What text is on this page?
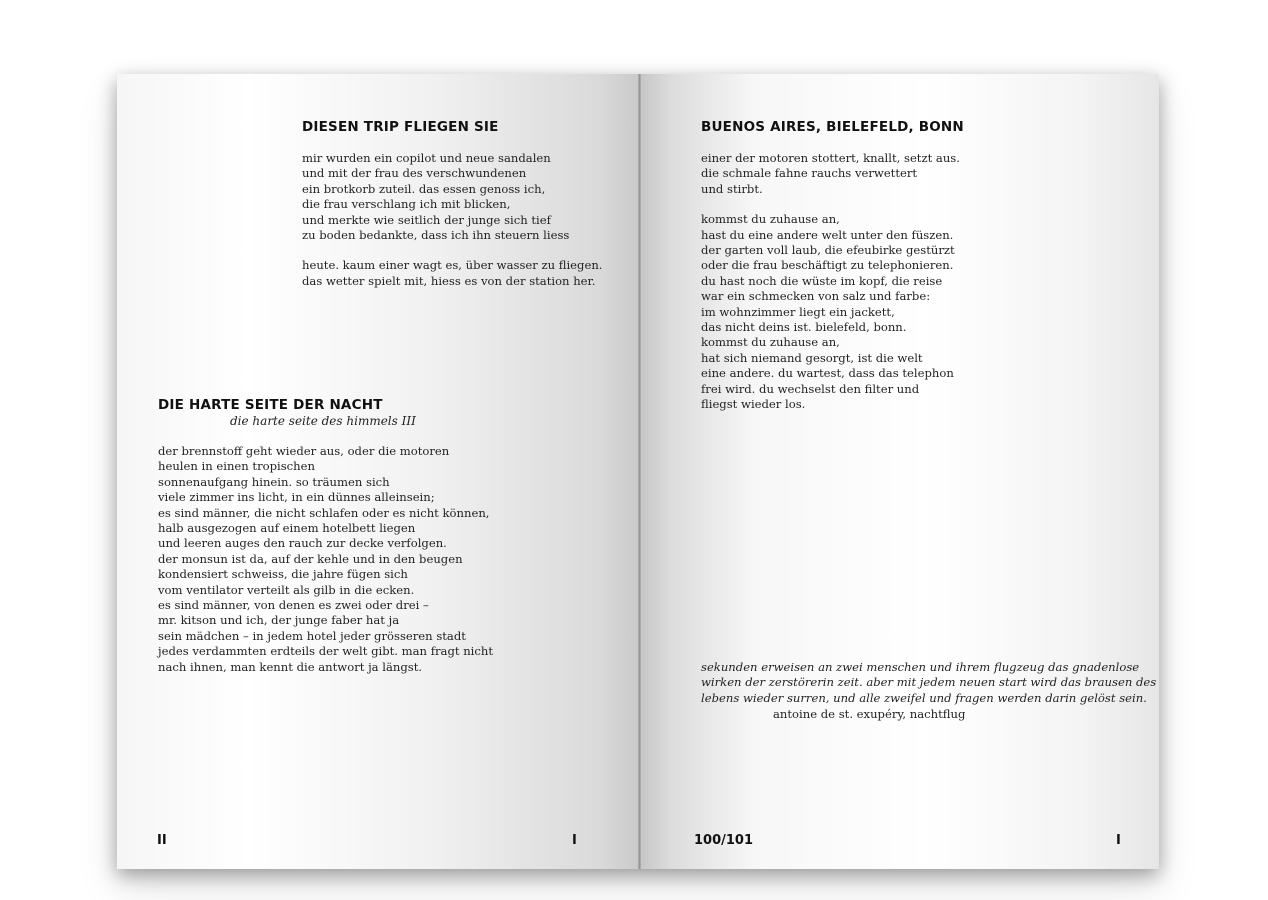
DIESEN TRIP FLIEGEN SIE
mir wurden ein copilot und neue sandalen
und mit der frau des verschwundenen
ein brotkorb zuteil. das essen genoss ich,
die frau verschlang ich mit blicken,
und merkte wie seitlich der junge sich tief
zu boden bedankte, dass ich ihn steuern liess
heute. kaum einer wagt es, über wasser zu fliegen.
das wetter spielt mit, hiess es von der station her.
DIE HARTE SEITE DER NACHT
die harte seite des himmels III
der brennstoff geht wieder aus, oder die motoren
heulen in einen tropischen
sonnenaufgang hinein. so träumen sich
viele zimmer ins licht, in ein dünnes alleinsein;
es sind männer, die nicht schlafen oder es nicht können,
halb ausgezogen auf einem hotelbett liegen
und leeren auges den rauch zur decke verfolgen.
der monsun ist da, auf der kehle und in den beugen
kondensiert schweiss, die jahre fügen sich
vom ventilator verteilt als gilb in die ecken.
es sind männer, von denen es zwei oder drei –
mr. kitson und ich, der junge faber hat ja
sein mädchen – in jedem hotel jeder grösseren stadt
jedes verdammten erdteils der welt gibt. man fragt nicht
nach ihnen, man kennt die antwort ja längst.
II	I
BUENOS AIRES, BIELEFELD, BONN
einer der motoren stottert, knallt, setzt aus.
die schmale fahne rauchs verwettert
und stirbt.
kommst du zuhause an,
hast du eine andere welt unter den füszen.
der garten voll laub, die efeubirke gestürzt
oder die frau beschäftigt zu telephonieren.
du hast noch die wüste im kopf, die reise
war ein schmecken von salz und farbe:
im wohnzimmer liegt ein jackett,
das nicht deins ist. bielefeld, bonn.
kommst du zuhause an,
hat sich niemand gesorgt, ist die welt
eine andere. du wartest, dass das telephon
frei wird. du wechselst den filter und
fliegst wieder los.
sekunden erweisen an zwei menschen und ihrem flugzeug das gnadenlose
wirken der zerstörerin zeit. aber mit jedem neuen start wird das brausen des
lebens wieder surren, und alle zweifel und fragen werden darin gelöst sein.
antoine de st. exupéry, nachtflug
100/101	I
